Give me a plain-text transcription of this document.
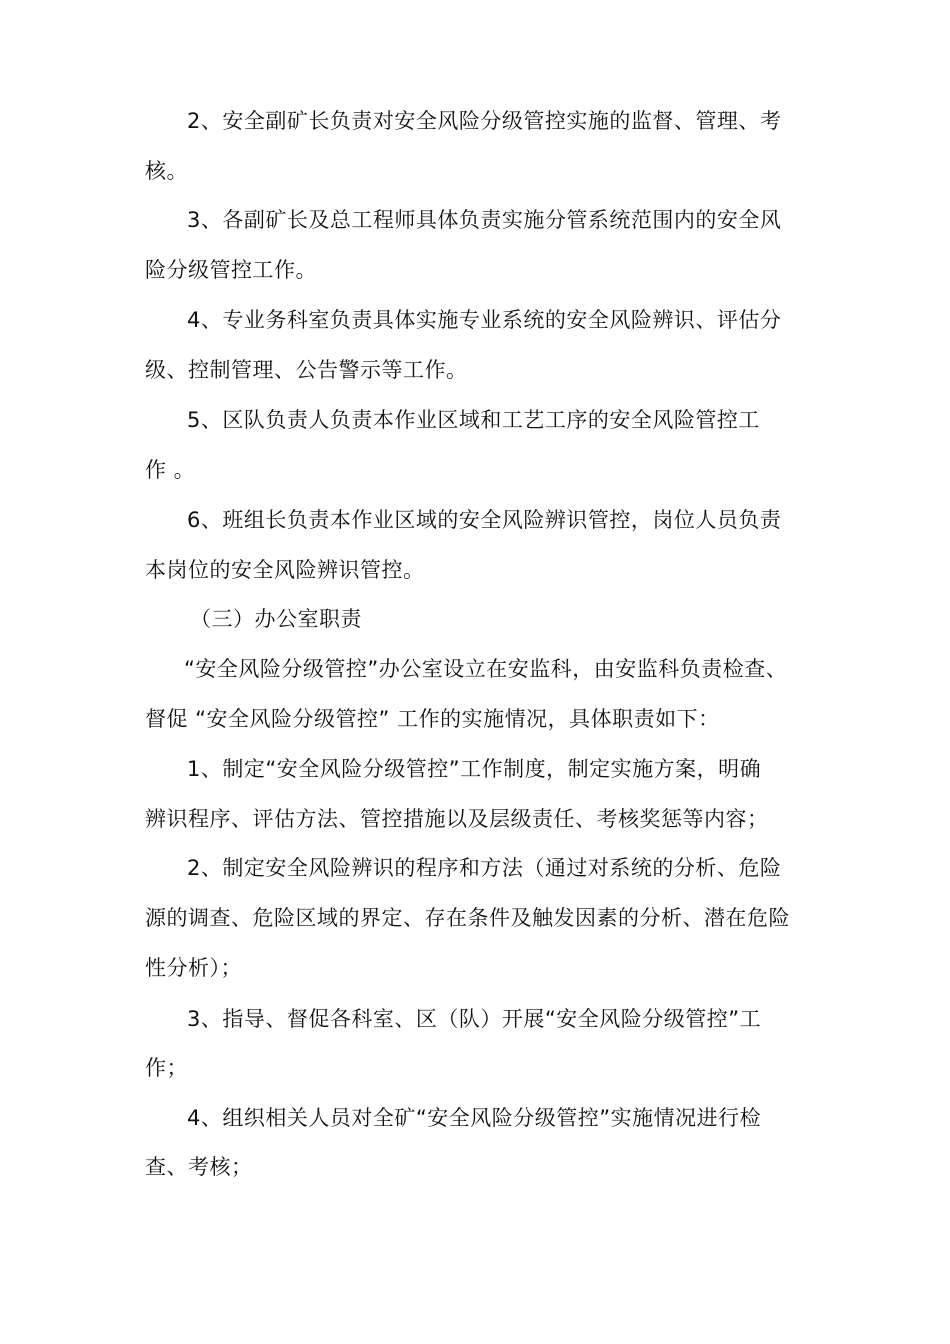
2、安全副矿长负责对安全风险分级管控实施的监督、管理、考
核。
3、各副矿长及总工程师具体负责实施分管系统范围内的安全风
险分级管控工作。
4、专业务科室负责具体实施专业系统的安全风险辨识、评估分
级、控制管理、公告警示等工作。
5、区队负责人负责本作业区域和工艺工序的安全风险管控工
作 。
6、班组长负责本作业区域的安全风险辨识管控，岗位人员负责
本岗位的安全风险辨识管控。
（三）办公室职责
“安全风险分级管控”办公室设立在安监科，由安监科负责检查、
督促 “安全风险分级管控” 工作的实施情况，具体职责如下：
1、制定“安全风险分级管控”工作制度，制定实施方案，明确
辨识程序、评估方法、管控措施以及层级责任、考核奖惩等内容；
2、制定安全风险辨识的程序和方法（通过对系统的分析、危险
源的调查、危险区域的界定、存在条件及触发因素的分析、潜在危险
性分析）；
3、指导、督促各科室、区（队）开展“安全风险分级管控”工
作；
4、组织相关人员对全矿“安全风险分级管控”实施情况进行检
查、考核；
